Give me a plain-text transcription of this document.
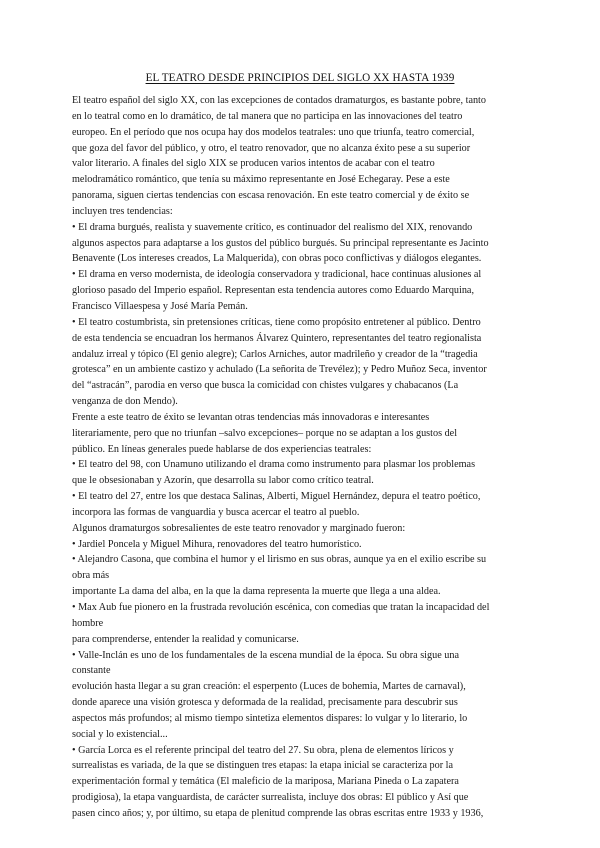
EL TEATRO DESDE PRINCIPIOS DEL SIGLO XX HASTA 1939
El teatro español del siglo XX, con las excepciones de contados dramaturgos, es bastante pobre, tanto
en lo teatral como en lo dramático, de tal manera que no participa en las innovaciones del teatro
europeo. En el período que nos ocupa hay dos modelos teatrales: uno que triunfa, teatro comercial,
que goza del favor del público, y otro, el teatro renovador, que no alcanza éxito pese a su superior
valor literario. A finales del siglo XIX se producen varios intentos de acabar con el teatro
melodramático romántico, que tenía su máximo representante en José Echegaray. Pese a este
panorama, siguen ciertas tendencias con escasa renovación. En este teatro comercial y de éxito se
incluyen tres tendencias:
• El drama burgués, realista y suavemente crítico, es continuador del realismo del XIX, renovando
algunos aspectos para adaptarse a los gustos del público burgués. Su principal representante es Jacinto
Benavente (Los intereses creados, La Malquerida), con obras poco conflictivas y diálogos elegantes.
• El drama en verso modernista, de ideología conservadora y tradicional, hace continuas alusiones al
glorioso pasado del Imperio español. Representan esta tendencia autores como Eduardo Marquina,
Francisco Villaespesa y José María Pemán.
• El teatro costumbrista, sin pretensiones críticas, tiene como propósito entretener al público. Dentro
de esta tendencia se encuadran los hermanos Álvarez Quintero, representantes del teatro regionalista
andaluz irreal y tópico (El genio alegre); Carlos Arniches, autor madrileño y creador de la “tragedia
grotesca” en un ambiente castizo y achulado (La señorita de Trevélez); y Pedro Muñoz Seca, inventor
del “astracán”, parodia en verso que busca la comicidad con chistes vulgares y chabacanos (La
venganza de don Mendo).
Frente a este teatro de éxito se levantan otras tendencias más innovadoras e interesantes
literariamente, pero que no triunfan –salvo excepciones– porque no se adaptan a los gustos del
público. En líneas generales puede hablarse de dos experiencias teatrales:
• El teatro del 98, con Unamuno utilizando el drama como instrumento para plasmar los problemas
que le obsesionaban y Azorín, que desarrolla su labor como crítico teatral.
• El teatro del 27, entre los que destaca Salinas, Alberti, Miguel Hernández, depura el teatro poético,
incorpora las formas de vanguardia y busca acercar el teatro al pueblo.
Algunos dramaturgos sobresalientes de este teatro renovador y marginado fueron:
• Jardiel Poncela y Miguel Mihura, renovadores del teatro humorístico.
• Alejandro Casona, que combina el humor y el lirismo en sus obras, aunque ya en el exilio escribe su
obra más
importante La dama del alba, en la que la dama representa la muerte que llega a una aldea.
• Max Aub fue pionero en la frustrada revolución escénica, con comedias que tratan la incapacidad del
hombre
para comprenderse, entender la realidad y comunicarse.
• Valle-Inclán es uno de los fundamentales de la escena mundial de la época. Su obra sigue una
constante
evolución hasta llegar a su gran creación: el esperpento (Luces de bohemia, Martes de carnaval),
donde aparece una visión grotesca y deformada de la realidad, precisamente para descubrir sus
aspectos más profundos; al mismo tiempo sintetiza elementos dispares: lo vulgar y lo literario, lo
social y lo existencial...
• García Lorca es el referente principal del teatro del 27. Su obra, plena de elementos líricos y
surrealistas es variada, de la que se distinguen tres etapas: la etapa inicial se caracteriza por la
experimentación formal y temática (El maleficio de la mariposa, Mariana Pineda o La zapatera
prodigiosa), la etapa vanguardista, de carácter surrealista, incluye dos obras: El público y Así que
pasen cinco años; y, por último, su etapa de plenitud comprende las obras escritas entre 1933 y 1936,
